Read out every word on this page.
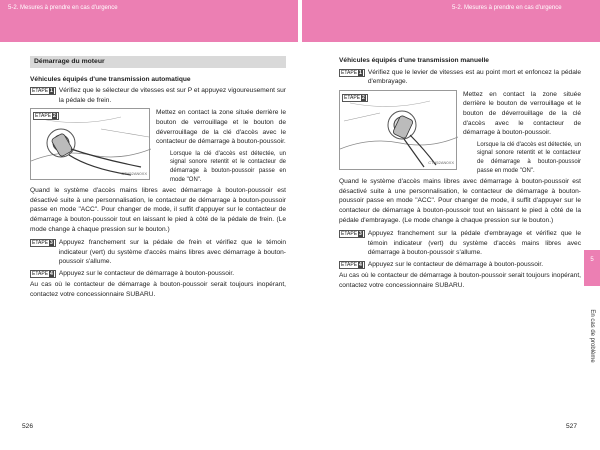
5-2. Mesures à prendre en cas d'urgence	5-2. Mesures à prendre en cas d'urgence
Démarrage du moteur
Véhicules équipés d'une transmission automatique
ÉTAPE 1 Vérifiez que le sélecteur de vitesses est sur P et appuyez vigoureusement sur la pédale de frein.

ÉTAPE 2
CTH52AN0XX
Mettez en contact la zone située derrière le bouton de verrouillage et le bouton de déverrouillage de la clé d'accès avec le contacteur de démarrage à bouton-poussoir.
Lorsque la clé d'accès est détectée, un signal sonore retentit et le contacteur de démarrage à bouton-poussoir passe en mode "ON".

Quand le système d'accès mains libres avec démarrage à bouton-poussoir est désactivé suite à une personnalisation, le contacteur de démarrage à bouton-poussoir passe en mode "ACC". Pour changer de mode, il suffit d'appuyer sur le contacteur de démarrage à bouton-poussoir tout en laissant le pied à côté de la pédale de frein. (Le mode change à chaque pression sur le bouton.)

ÉTAPE 3 Appuyez franchement sur la pédale de frein et vérifiez que le témoin indicateur (vert) du système d'accès mains libres avec démarrage à bouton-poussoir s'allume.

ÉTAPE 4 Appuyez sur le contacteur de démarrage à bouton-poussoir.

Au cas où le contacteur de démarrage à bouton-poussoir serait toujours inopérant, contactez votre concessionnaire SUBARU.

Véhicules équipés d'une transmission manuelle
ÉTAPE 1 Vérifiez que le levier de vitesses est au point mort et enfoncez la pédale d'embrayage.

ÉTAPE 2
CTH52AN0XX
Mettez en contact la zone située derrière le bouton de verrouillage et le bouton de déverrouillage de la clé d'accès avec le contacteur de démarrage à bouton-poussoir.
Lorsque la clé d'accès est détectée, un signal sonore retentit et le contacteur de démarrage à bouton-poussoir passe en mode "ON".

Quand le système d'accès mains libres avec démarrage à bouton-poussoir est désactivé suite à une personnalisation, le contacteur de démarrage à bouton-poussoir passe en mode "ACC". Pour changer de mode, il suffit d'appuyer sur le contacteur de démarrage à bouton-poussoir tout en laissant le pied à côté de la pédale d'embrayage. (Le mode change à chaque pression sur le bouton.)

ÉTAPE 3 Appuyez franchement sur la pédale d'embrayage et vérifiez que le témoin indicateur (vert) du système d'accès mains libres avec démarrage à bouton-poussoir s'allume.

ÉTAPE 4 Appuyez sur le contacteur de démarrage à bouton-poussoir.

Au cas où le contacteur de démarrage à bouton-poussoir serait toujours inopérant, contactez votre concessionnaire SUBARU.

5
En cas de problème
526	527
